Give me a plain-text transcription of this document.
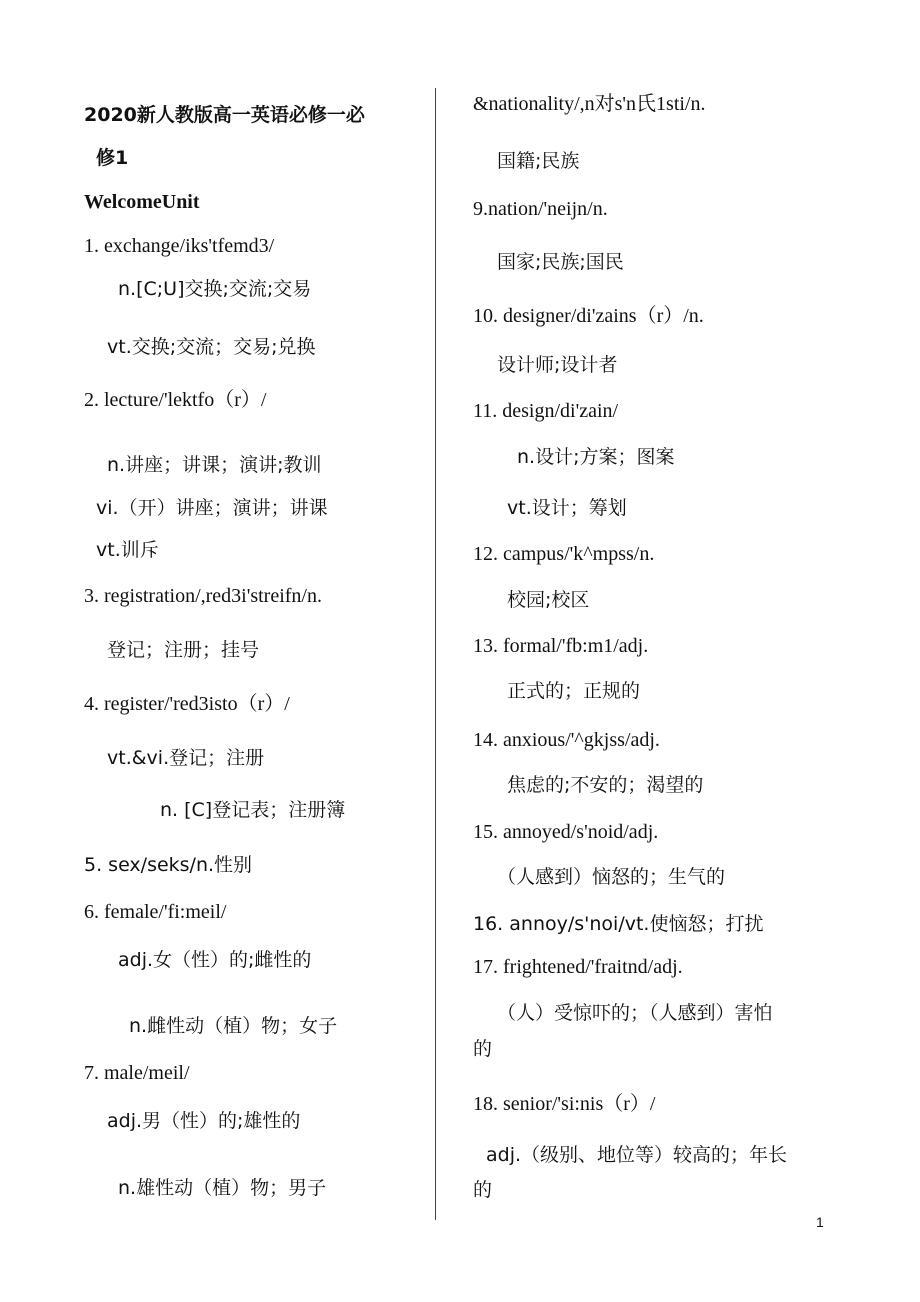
2020新人教版高一英语必修一必
修1
WelcomeUnit
1. exchange/iks'tfemd3/
n.[C;U]交换;交流;交易
vt.交换;交流；交易;兑换
2. lecture/'lektfo（r）/
n.讲座；讲课；演讲;教训
vi.（开）讲座；演讲；讲课
vt.训斥
3. registration/,red3i'streifn/n.
登记；注册；挂号
4. register/'red3isto（r）/
vt.&vi.登记；注册
n. [C]登记表；注册簿
5. sex/seks/n.性别
6. female/'fi:meil/
adj.女（性）的;雌性的
n.雌性动（植）物；女子
7. male/meil/
adj.男（性）的;雄性的
n.雄性动（植）物；男子
&nationality/,n对s'n氏1sti/n.
国籍;民族
9.nation/'neijn/n.
国家;民族;国民
10. designer/di'zains（r）/n.
设计师;设计者
11. design/di'zain/
n.设计;方案；图案
vt.设计；筹划
12. campus/'k^mpss/n.
校园;校区
13. formal/'fb:m1/adj.
正式的；正规的
14. anxious/'^gkjss/adj.
焦虑的;不安的；渴望的
15. annoyed/s'noid/adj.
（人感到）恼怒的；生气的
16. annoy/s'noi/vt.使恼怒；打扰
17. frightened/'fraitnd/adj.
（人）受惊吓的；（人感到）害怕
的
18. senior/'si:nis（r）/
adj.（级别、地位等）较高的；年长
的
1
